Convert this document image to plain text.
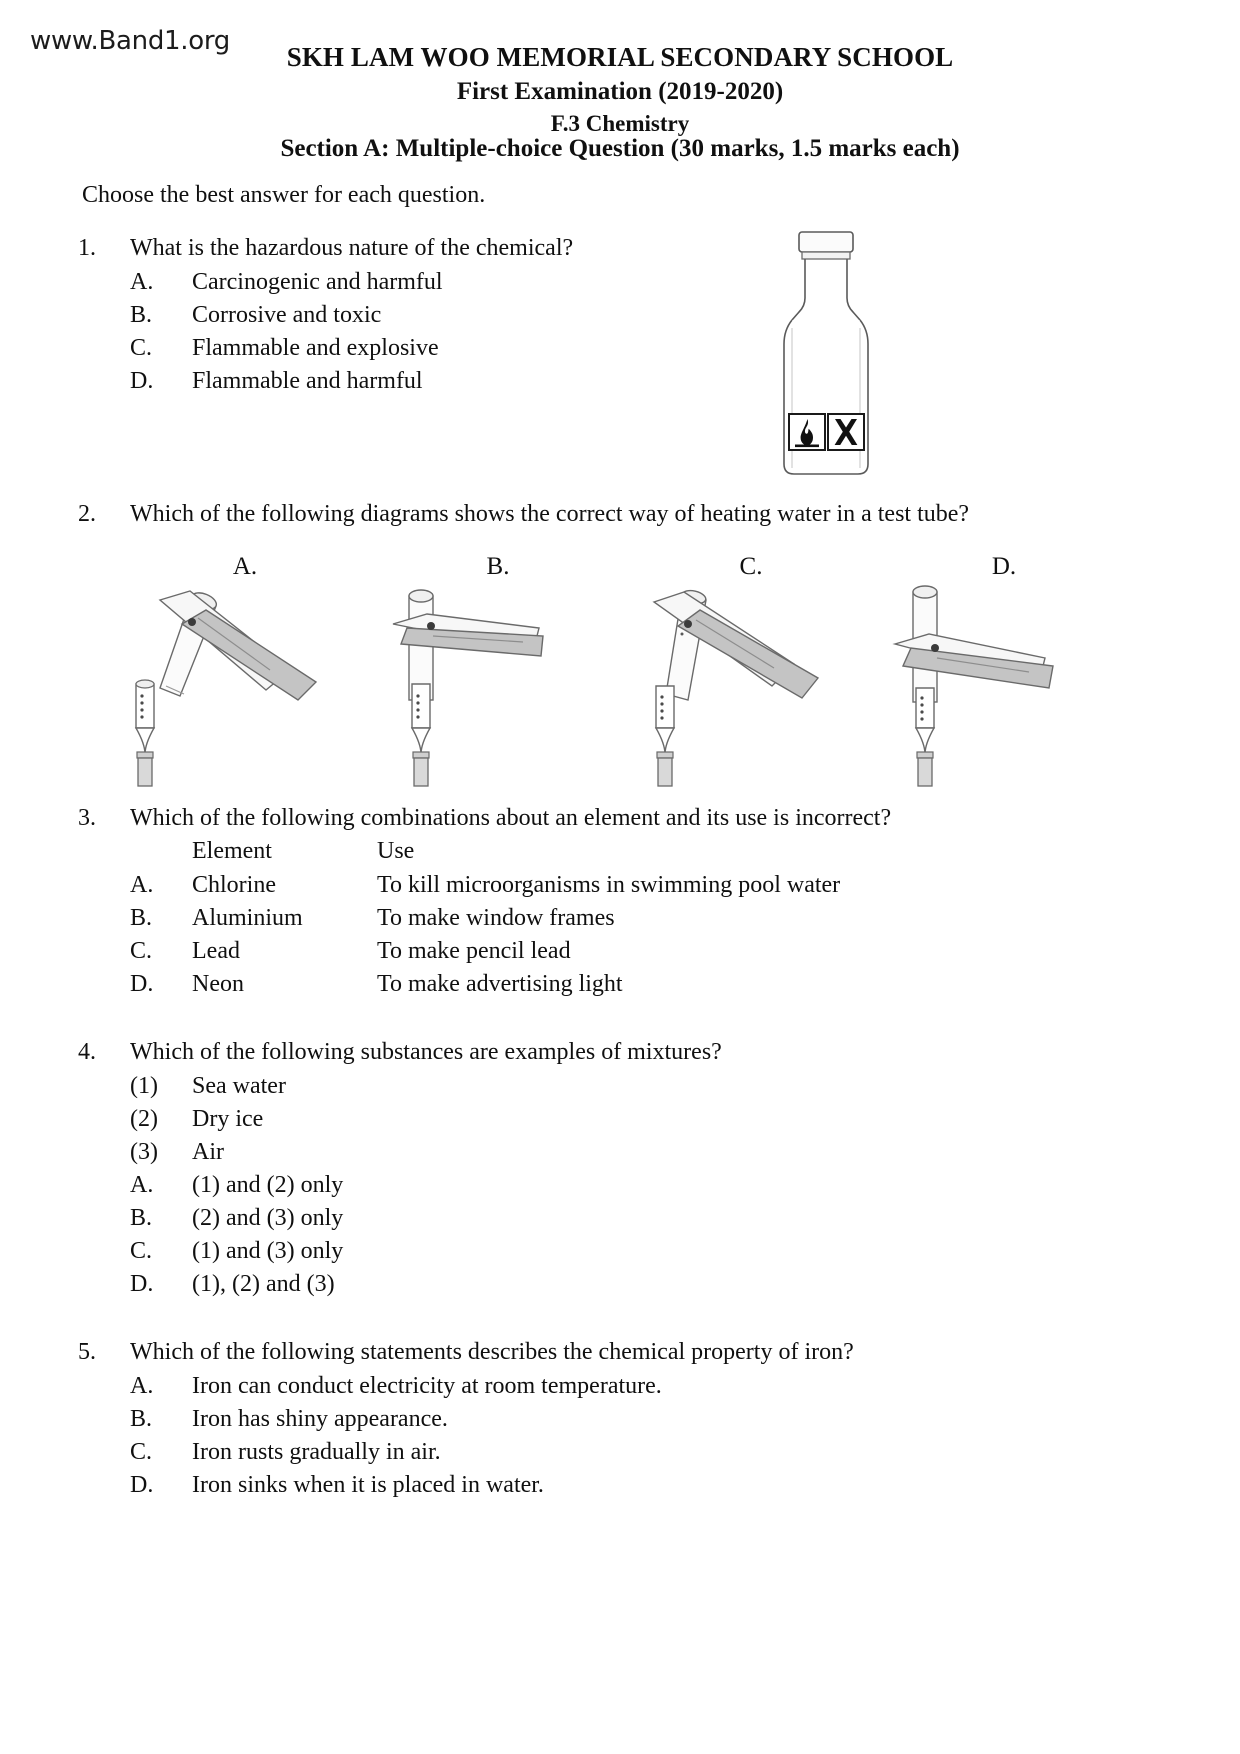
www.Band1.org
SKH LAM WOO MEMORIAL SECONDARY SCHOOL
First Examination (2019-2020)
F.3 Chemistry
Section A: Multiple-choice Question (30 marks, 1.5 marks each)
Choose the best answer for each question.
1.	What is the hazardous nature of the chemical?
A.	Carcinogenic and harmful
B.	Corrosive and toxic
C.	Flammable and explosive
D.	Flammable and harmful
2.	Which of the following diagrams shows the correct way of heating water in a test tube?
A.	B.	C.	D.
3.	Which of the following combinations about an element and its use is incorrect?
Element	Use
A.	Chlorine	To kill microorganisms in swimming pool water
B.	Aluminium	To make window frames
C.	Lead	To make pencil lead
D.	Neon	To make advertising light
4.	Which of the following substances are examples of mixtures?
(1)	Sea water
(2)	Dry ice
(3)	Air
A.	(1) and (2) only
B.	(2) and (3) only
C.	(1) and (3) only
D.	(1), (2) and (3)
5.	Which of the following statements describes the chemical property of iron?
A.	Iron can conduct electricity at room temperature.
B.	Iron has shiny appearance.
C.	Iron rusts gradually in air.
D.	Iron sinks when it is placed in water.
